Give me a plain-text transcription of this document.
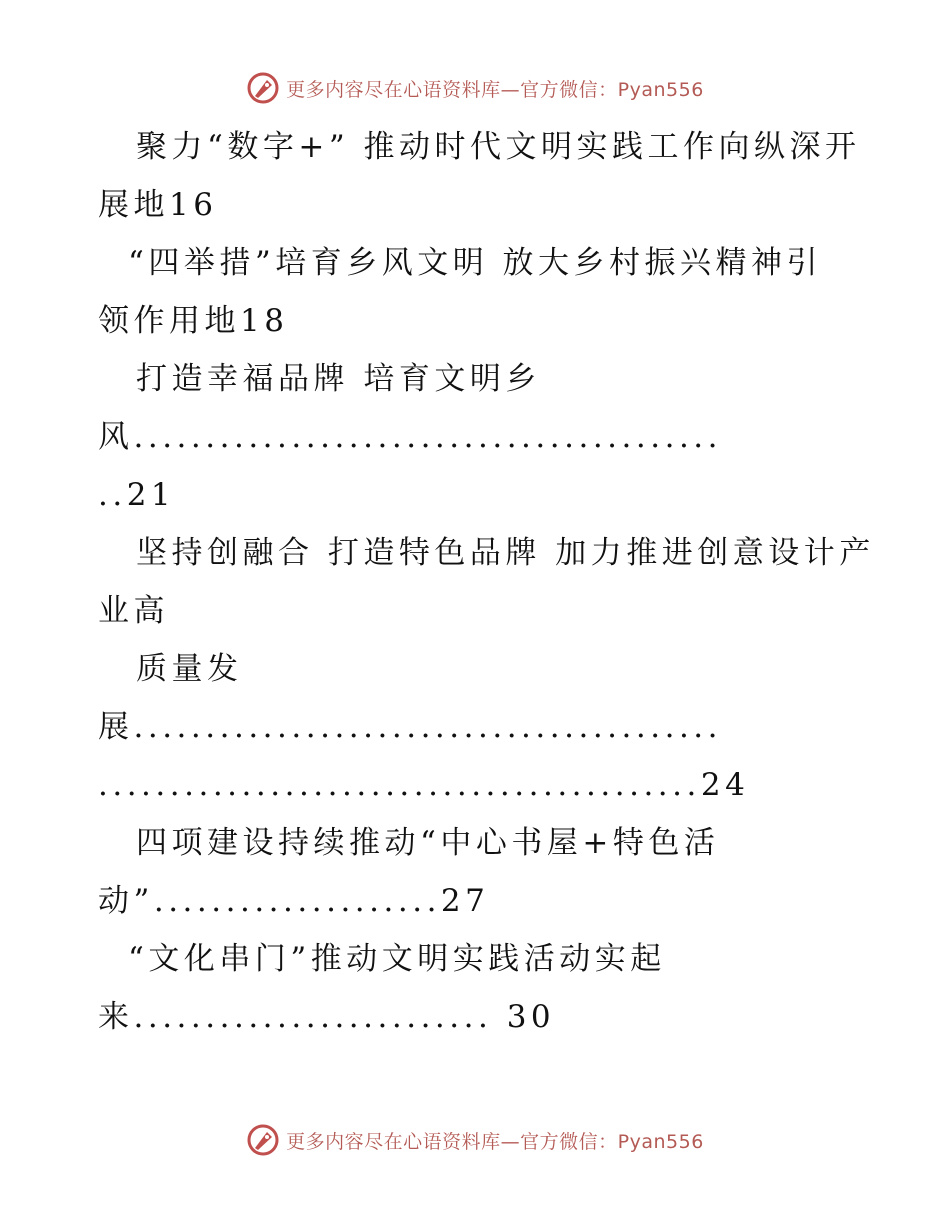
更多内容尽在心语资料库—官方微信：Pyan556
聚力“数字+” 推动时代文明实践工作向纵深开
展地16
“四举措”培育乡风文明 放大乡村振兴精神引
领作用地18
打造幸福品牌 培育文明乡
风.........................................
..21
坚持创融合 打造特色品牌 加力推进创意设计产
业高
质量发
展.........................................
..........................................24
四项建设持续推动“中心书屋+特色活
动”....................27
“文化串门”推动文明实践活动实起
来......................... 30
更多内容尽在心语资料库—官方微信：Pyan556
